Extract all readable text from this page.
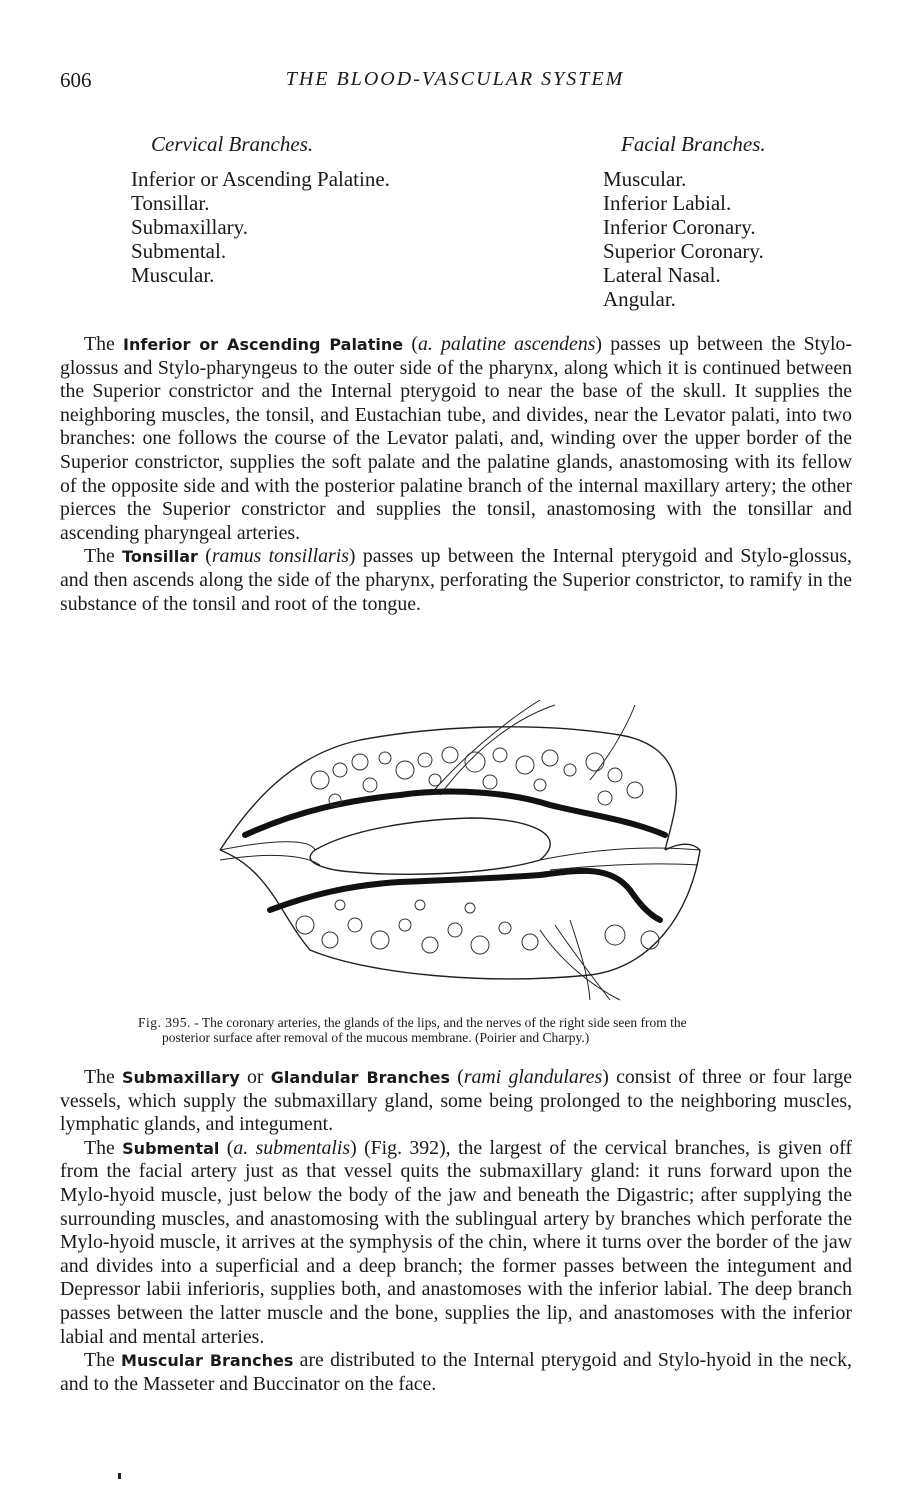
606	THE BLOOD-VASCULAR SYSTEM
Cervical Branches.
Inferior or Ascending Palatine.
Tonsillar.
Submaxillary.
Submental.
Muscular.
Facial Branches.
Muscular.
Inferior Labial.
Inferior Coronary.
Superior Coronary.
Lateral Nasal.
Angular.

The Inferior or Ascending Palatine (a. palatine ascendens) passes up between the Stylo-glossus and Stylo-pharyngeus to the outer side of the pharynx, along which it is continued between the Superior constrictor and the Internal pterygoid to near the base of the skull. It supplies the neighboring muscles, the tonsil, and Eustachian tube, and divides, near the Levator palati, into two branches: one follows the course of the Levator palati, and, winding over the upper border of the Superior constrictor, supplies the soft palate and the palatine glands, anastomosing with its fellow of the opposite side and with the posterior palatine branch of the internal maxillary artery; the other pierces the Superior constrictor and supplies the tonsil, anastomosing with the tonsillar and ascending pharyngeal arteries.

The Tonsillar (ramus tonsillaris) passes up between the Internal pterygoid and Stylo-glossus, and then ascends along the side of the pharynx, perforating the Superior constrictor, to ramify in the substance of the tonsil and root of the tongue.

Fig. 395. - The coronary arteries, the glands of the lips, and the nerves of the right side seen from the
posterior surface after removal of the mucous membrane. (Poirier and Charpy.)

The Submaxillary or Glandular Branches (rami glandulares) consist of three or four large vessels, which supply the submaxillary gland, some being prolonged to the neighboring muscles, lymphatic glands, and integument.

The Submental (a. submentalis) (Fig. 392), the largest of the cervical branches, is given off from the facial artery just as that vessel quits the submaxillary gland: it runs forward upon the Mylo-hyoid muscle, just below the body of the jaw and beneath the Digastric; after supplying the surrounding muscles, and anastomosing with the sublingual artery by branches which perforate the Mylo-hyoid muscle, it arrives at the symphysis of the chin, where it turns over the border of the jaw and divides into a superficial and a deep branch; the former passes between the integument and Depressor labii inferioris, supplies both, and anastomoses with the inferior labial. The deep branch passes between the latter muscle and the bone, supplies the lip, and anastomoses with the inferior labial and mental arteries.

The Muscular Branches are distributed to the Internal pterygoid and Stylo-hyoid in the neck, and to the Masseter and Buccinator on the face.
